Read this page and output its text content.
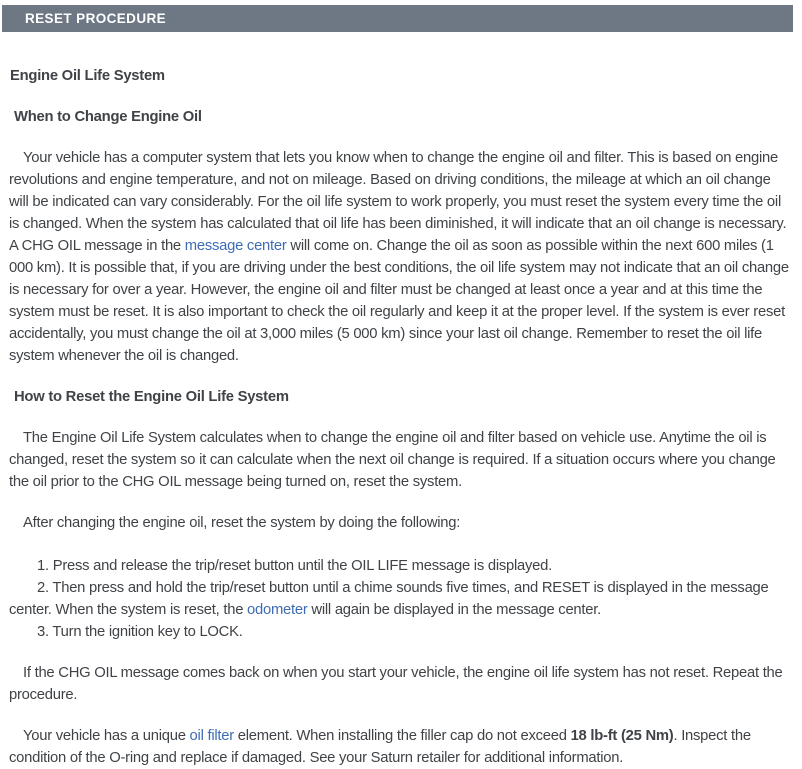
RESET PROCEDURE
Engine Oil Life System
When to Change Engine Oil

Your vehicle has a computer system that lets you know when to change the engine oil and filter. This is based on engine revolutions and engine temperature, and not on mileage. Based on driving conditions, the mileage at which an oil change will be indicated can vary considerably. For the oil life system to work properly, you must reset the system every time the oil is changed. When the system has calculated that oil life has been diminished, it will indicate that an oil change is necessary. A CHG OIL message in the message center will come on. Change the oil as soon as possible within the next 600 miles (1 000 km). It is possible that, if you are driving under the best conditions, the oil life system may not indicate that an oil change is necessary for over a year. However, the engine oil and filter must be changed at least once a year and at this time the system must be reset. It is also important to check the oil regularly and keep it at the proper level. If the system is ever reset accidentally, you must change the oil at 3,000 miles (5 000 km) since your last oil change. Remember to reset the oil life system whenever the oil is changed.

How to Reset the Engine Oil Life System

The Engine Oil Life System calculates when to change the engine oil and filter based on vehicle use. Anytime the oil is changed, reset the system so it can calculate when the next oil change is required. If a situation occurs where you change the oil prior to the CHG OIL message being turned on, reset the system.

After changing the engine oil, reset the system by doing the following:

1. Press and release the trip/reset button until the OIL LIFE message is displayed.

2. Then press and hold the trip/reset button until a chime sounds five times, and RESET is displayed in the message center. When the system is reset, the odometer will again be displayed in the message center.

3. Turn the ignition key to LOCK.

If the CHG OIL message comes back on when you start your vehicle, the engine oil life system has not reset. Repeat the procedure.

Your vehicle has a unique oil filter element. When installing the filler cap do not exceed 18 lb-ft (25 Nm). Inspect the condition of the O-ring and replace if damaged. See your Saturn retailer for additional information.
